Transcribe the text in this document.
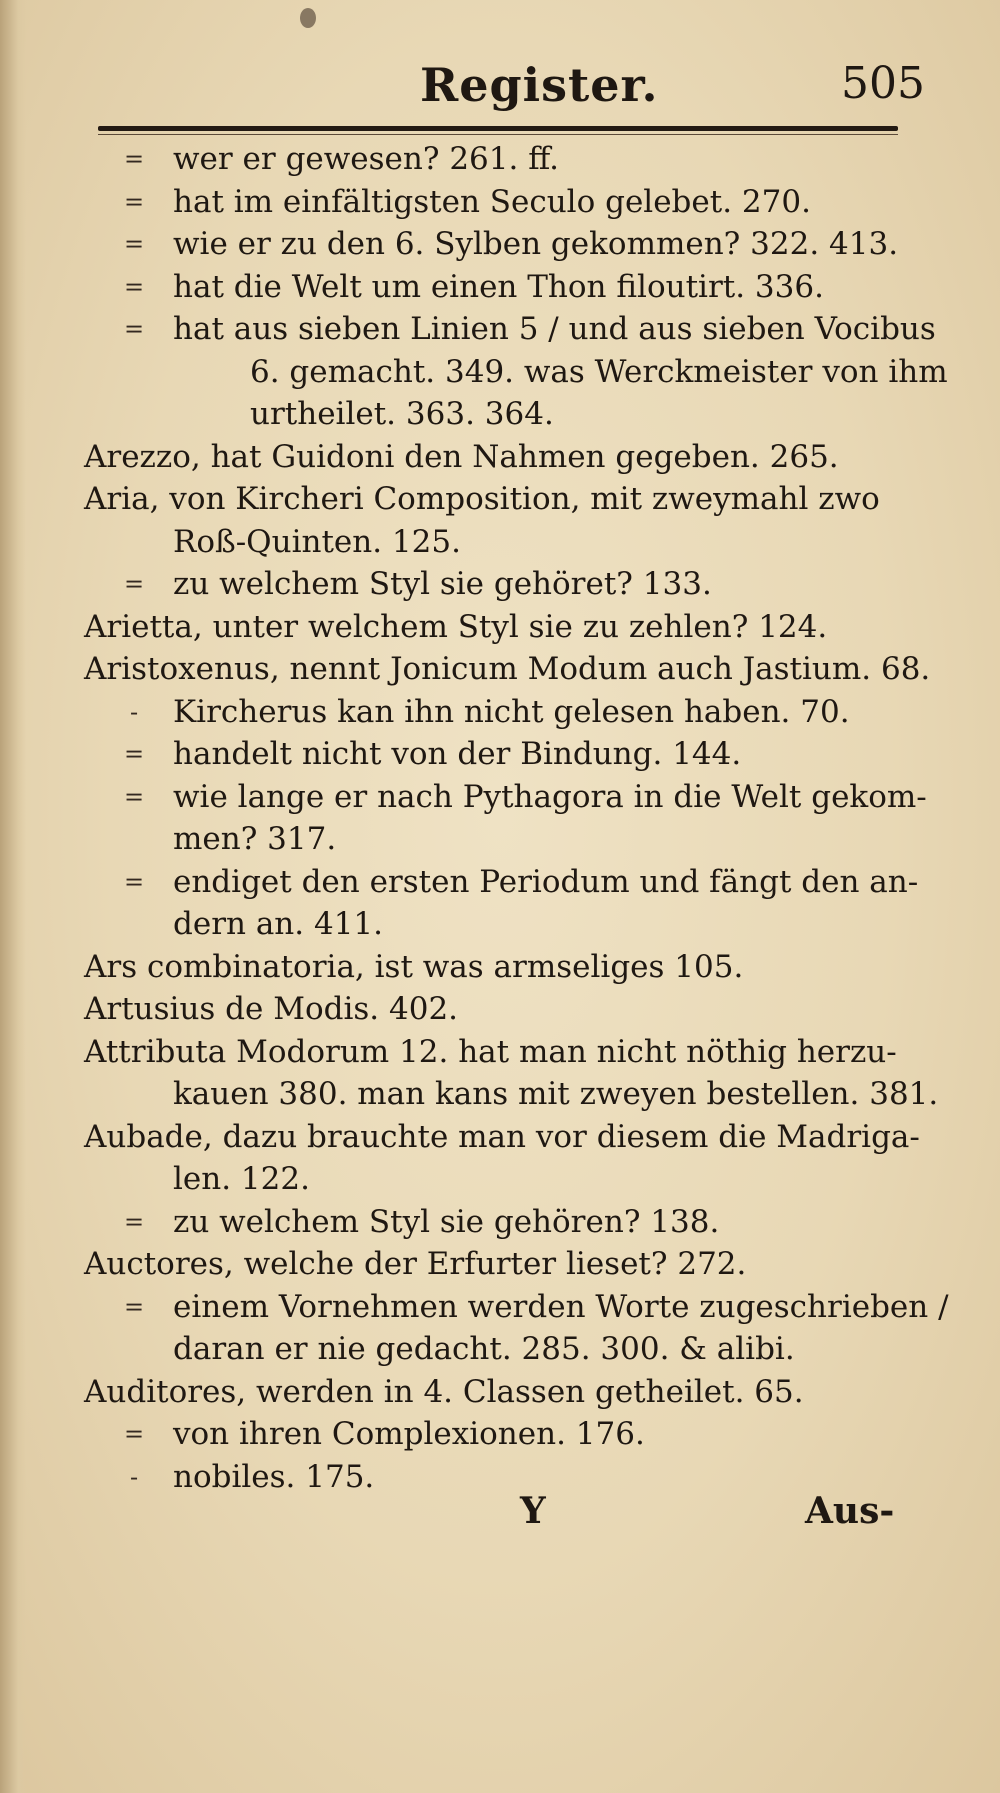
Register.	505
= wer er gewesen? 261. ff.
= hat im einfältigsten Seculo gelebet. 270.
= wie er zu den 6. Sylben gekommen? 322. 413.
= hat die Welt um einen Thon filoutirt. 336.
= hat aus sieben Linien 5 / und aus sieben Vocibus
6. gemacht. 349. was Werckmeister von ihm
urtheilet. 363. 364.
Arezzo, hat Guidoni den Nahmen gegeben. 265.
Aria, von Kircheri Composition, mit zweymahl zwo
Roß-Quinten. 125.
= zu welchem Styl sie gehöret? 133.
Arietta, unter welchem Styl sie zu zehlen? 124.
Aristoxenus, nennt Jonicum Modum auch Jastium. 68.
- Kircherus kan ihn nicht gelesen haben. 70.
= handelt nicht von der Bindung. 144.
= wie lange er nach Pythagora in die Welt gekom-
men? 317.
= endiget den ersten Periodum und fängt den an-
dern an. 411.
Ars combinatoria, ist was armseliges 105.
Artusius de Modis. 402.
Attributa Modorum 12. hat man nicht nöthig herzu-
kauen 380. man kans mit zweyen bestellen. 381.
Aubade, dazu brauchte man vor diesem die Madriga-
len. 122.
= zu welchem Styl sie gehören? 138.
Auctores, welche der Erfurter lieset? 272.
= einem Vornehmen werden Worte zugeschrieben /
daran er nie gedacht. 285. 300. & alibi.
Auditores, werden in 4. Classen getheilet. 65.
= von ihren Complexionen. 176.
- nobiles. 175.
Y	Aus-
